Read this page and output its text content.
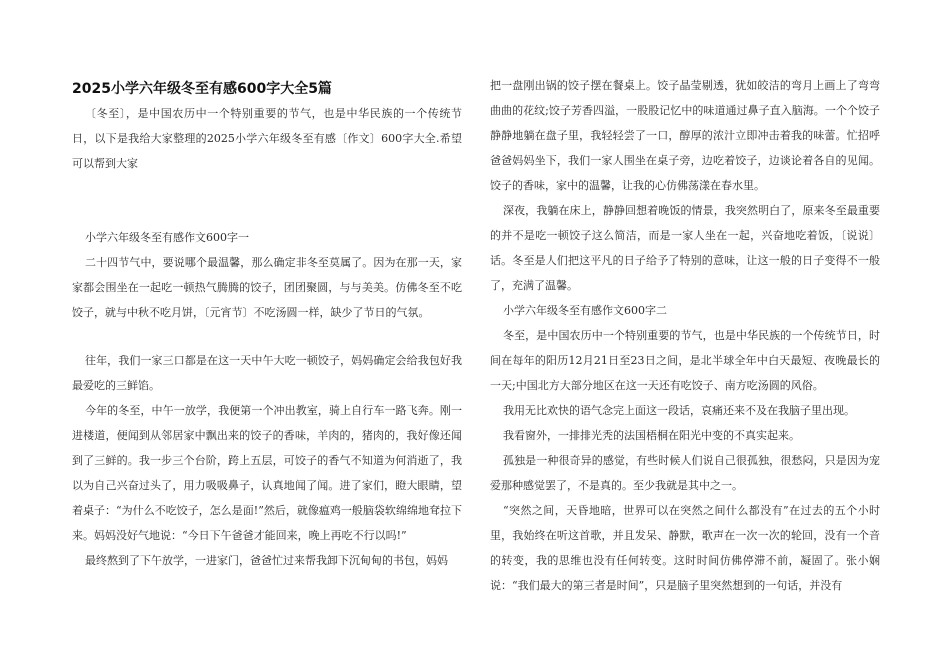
2025小学六年级冬至有感600字大全5篇

〔冬至〕，是中国农历中一个特别重要的节气，也是中华民族的一个传统节日，以下是我给大家整理的2025小学六年级冬至有感〔作文〕600字大全.希望可以帮到大家

小学六年级冬至有感作文600字一

二十四节气中，要说哪个最温馨，那么确定非冬至莫属了。因为在那一天，家家都会围坐在一起吃一顿热气腾腾的饺子，团团聚圆，与与美美。仿佛冬至不吃饺子，就与中秋不吃月饼，〔元宵节〕不吃汤圆一样，缺少了节日的气氛。

往年，我们一家三口都是在这一天中午大吃一顿饺子，妈妈确定会给我包好我最爱吃的三鲜馅。

今年的冬至，中午一放学，我便第一个冲出教室，骑上自行车一路飞奔。刚一进楼道，便闻到从邻居家中飘出来的饺子的香味，羊肉的，猪肉的，我好像还闻到了三鲜的。我一步三个台阶，跨上五层，可饺子的香气不知道为何消逝了，我以为自己兴奋过头了，用力吸吸鼻子，认真地闻了闻。进了家们，瞪大眼睛，望着桌子：“为什么不吃饺子，怎么是面!”然后，就像瘟鸡一般脑袋软绵绵地耷拉下来。妈妈没好气地说：“今日下午爸爸才能回来，晚上再吃不行以吗!”

最终熬到了下午放学，一进家门，爸爸忙过来帮我卸下沉甸甸的书包，妈妈

把一盘刚出锅的饺子摆在餐桌上。饺子晶莹剔透，犹如皎洁的弯月上画上了弯弯曲曲的花纹;饺子芳香四溢，一股股记忆中的味道通过鼻子直入脑海。一个个饺子静静地躺在盘子里，我轻轻尝了一口，醇厚的浓汁立即冲击着我的味蕾。忙招呼爸爸妈妈坐下，我们一家人围坐在桌子旁，边吃着饺子，边谈论着各自的见闻。饺子的香味，家中的温馨，让我的心仿佛荡漾在春水里。

深夜，我躺在床上，静静回想着晚饭的情景，我突然明白了，原来冬至最重要的并不是吃一顿饺子这么简洁，而是一家人坐在一起，兴奋地吃着饭，〔说说〕话。冬至是人们把这平凡的日子给予了特别的意味，让这一般的日子变得不一般了，充满了温馨。

小学六年级冬至有感作文600字二

冬至，是中国农历中一个特别重要的节气，也是中华民族的一个传统节日，时间在每年的阳历12月21日至23日之间，是北半球全年中白天最短、夜晚最长的一天;中国北方大部分地区在这一天还有吃饺子、南方吃汤圆的风俗。

我用无比欢快的语气念完上面这一段话，哀痛还来不及在我脑子里出现。

我看窗外，一排排光秃的法国梧桐在阳光中变的不真实起来。

孤独是一种很奇异的感觉，有些时候人们说自己很孤独，很愁闷，只是因为宠爱那种感觉罢了，不是真的。至少我就是其中之一。

“突然之间，天昏地暗，世界可以在突然之间什么都没有”在过去的五个小时里，我始终在听这首歌，并且发呆、静默，歌声在一次一次的轮回，没有一个音的转变，我的思维也没有任何转变。这时时间仿佛停滞不前，凝固了。张小娴说：“我们最大的第三者是时间”，只是脑子里突然想到的一句话，并没有
